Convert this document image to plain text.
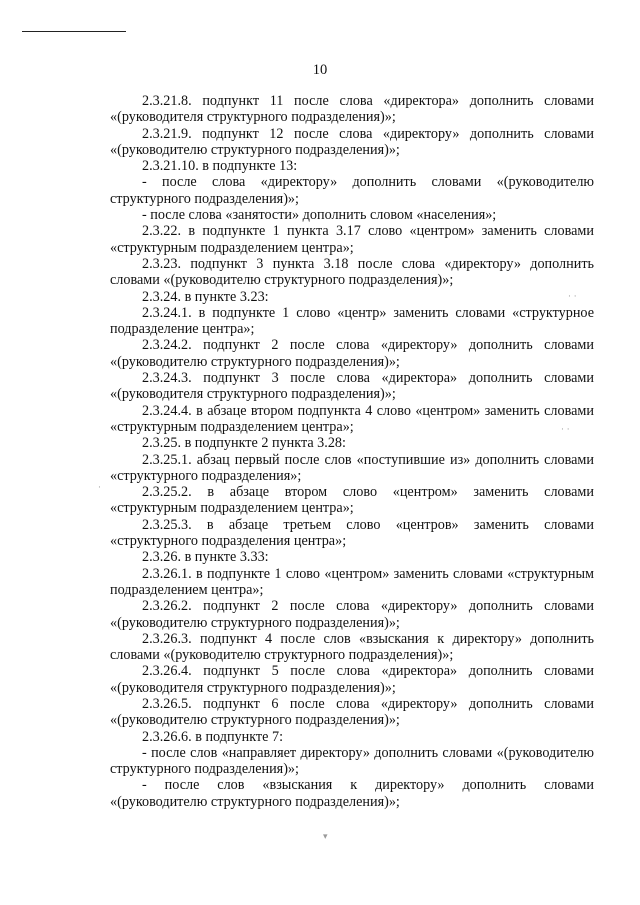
10

2.3.21.8. подпункт 11 после слова «директора» дополнить словами «(руководителя структурного подразделения)»;

2.3.21.9. подпункт 12 после слова «директору» дополнить словами «(руководителю структурного подразделения)»;

2.3.21.10. в подпункте 13:

- после слова «директору» дополнить словами «(руководителю структурного подразделения)»;

- после слова «занятости» дополнить словом «населения»;

2.3.22. в подпункте 1 пункта 3.17 слово «центром» заменить словами «структурным подразделением центра»;

2.3.23. подпункт 3 пункта 3.18 после слова «директору» дополнить словами «(руководителю структурного подразделения)»;

2.3.24. в пункте 3.23:

2.3.24.1. в подпункте 1 слово «центр» заменить словами «структурное подразделение центра»;

2.3.24.2. подпункт 2 после слова «директору» дополнить словами «(руководителю структурного подразделения)»;

2.3.24.3. подпункт 3 после слова «директора» дополнить словами «(руководителя структурного подразделения)»;

2.3.24.4. в абзаце втором подпункта 4 слово «центром» заменить словами «структурным подразделением центра»;

2.3.25. в подпункте 2 пункта 3.28:

2.3.25.1. абзац первый после слов «поступившие из» дополнить словами «структурного подразделения»;

2.3.25.2. в абзаце втором слово «центром» заменить словами «структурным подразделением центра»;

2.3.25.3. в абзаце третьем слово «центров» заменить словами «структурного подразделения центра»;

2.3.26. в пункте 3.33:

2.3.26.1. в подпункте 1 слово «центром» заменить словами «структурным подразделением центра»;

2.3.26.2. подпункт 2 после слова «директору» дополнить словами «(руководителю структурного подразделения)»;

2.3.26.3. подпункт 4 после слов «взыскания к директору» дополнить словами «(руководителю структурного подразделения)»;

2.3.26.4. подпункт 5 после слова «директора» дополнить словами «(руководителя структурного подразделения)»;

2.3.26.5. подпункт 6 после слова «директору» дополнить словами «(руководителю структурного подразделения)»;

2.3.26.6. в подпункте 7:

- после слов «направляет директору» дополнить словами «(руководителю структурного подразделения)»;

- после слов «взыскания к директору» дополнить словами «(руководителю структурного подразделения)»;

· ·
· ·
·
▾
